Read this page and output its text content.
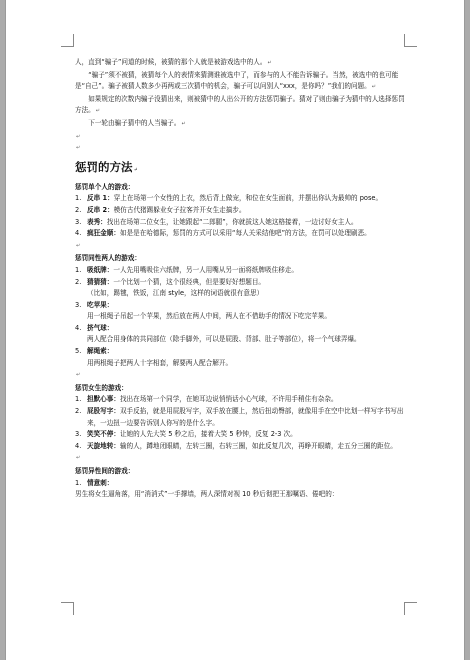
人，直到“骗子”问道的时候，被猜的那个人就是被游戏选中的人。↵

“骗子”须不被猜，被猜每个人的表情来猜测谁被选中了，而参与的人不能告诉骗子。当然，被选中的也可能是“自己”。骗子被猜人数多少再两或三次猜中的机会，骗子可以问别人“xxx，是你吗？”我们的问题。↵

如果规定的次数内骗子没猜出来，则被猜中的人出公开的方法惩罚骗子。猜对了则由骗子为猜中的人选择惩罚方法。↵

下一轮由骗子猜中的人当骗子。↵

↵
↵
惩罚的方法↵
惩罚单个人的游戏：
1. 反串 1：穿上在场第一个女性的上衣，然后背上做宠，和位在女生面前，并摆出你认为最帅的 pose。
2. 反串 2：模仿古代猪踢躲业女子拉客并开女生走搞步。
3. 表秀：找出在场第二位女生，让她跟起“二郎腿”，你就拔这人她这格接着，一边讨好女主人。
4. 疯狂金顺：如是是在哈德际，惩罚的方式可以采用“每人关采结他吧”的方法，在罚可以处理刷恶。
↵
惩罚同性两人的游戏：
1. 吸纸牌：一人先用嘴吸住六纸牌，另一人用嘴从另一面将纸牌吸住移走。
2. 猜猜猜：一个比划一个猜，这个很经典，但是要好好想题目。
（比如，踢毽，铁饭，江南 style，这样的词语就很有意思）
3. 吃苹果：
用一根绳子吊起一个苹果，然后放在两人中间，两人在不借助手的情况下吃完苹果。
4. 挤气球：
两人配合用身体的共同部位（除手脚外，可以是屁股、背部、肚子等部位），将一个气球弄爆。
5. 解绳索：
用两根绳子把两人十字相套，解要两人配合解开。
↵
惩罚女生的游戏：
1. 担默心事：找出在场第一个同学，在她耳边说悄悄话小心气球，不许用手稍住有杂杂。
2. 屁股写字：双手反掐，就是用屁股写字，双手放在腰上，然后扭动臀部，就像用手在空中比划一样写字书写出来，一边扭一边要告诉别人你写的是什么字。
3. 笑笑不停：让她的人先大笑 5 秒之后，接着大笑 5 秒钟，反复 2-3 次。
4. 天旋地转：输的人，蹲地闭眼睛，左转三圈，右转三圈，如此反复几次，再睁开眼睛，走五分三圈的距位。
↵
惩罚异性间的游戏：
1. 情意刺：
男生将女生逼角落，用“消消式”一手撑墙，两人深情对视 10 秒后彻把王那嘱语、倦吧的：
